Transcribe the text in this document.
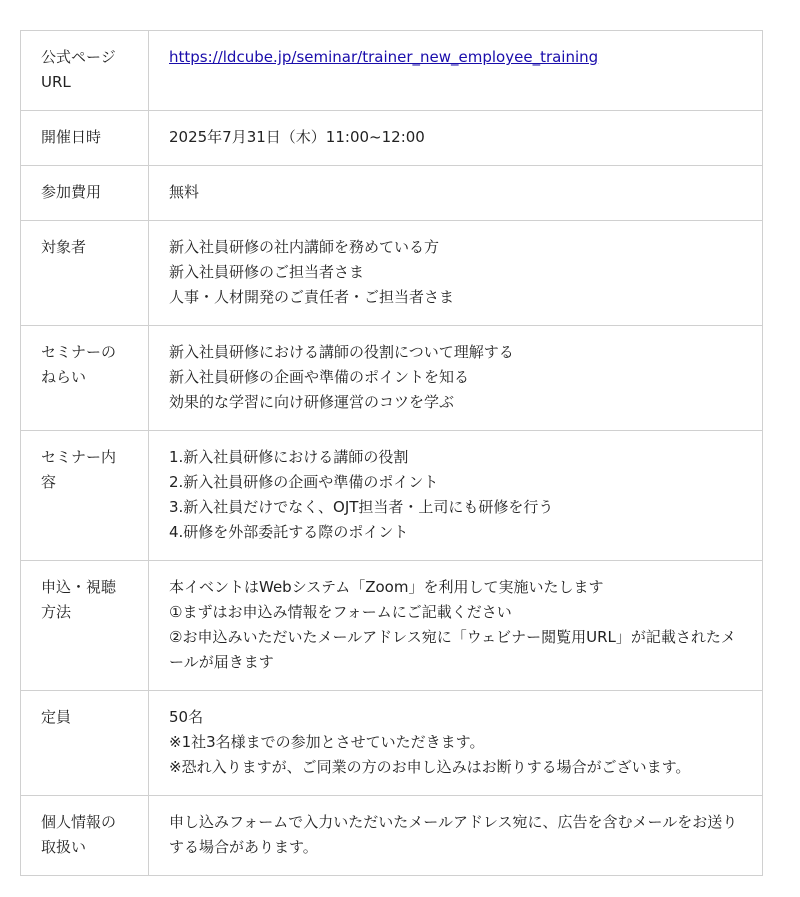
公式ページURL	https://ldcube.jp/seminar/trainer_new_employee_training

開催日時	2025年7月31日（木）11:00~12:00

参加費用	無料

対象者	新入社員研修の社内講師を務めている方
新入社員研修のご担当者さま
人事・人材開発のご責任者・ご担当者さま

セミナーのねらい	新入社員研修における講師の役割について理解する
新入社員研修の企画や準備のポイントを知る
効果的な学習に向け研修運営のコツを学ぶ

セミナー内容	1.新入社員研修における講師の役割
2.新入社員研修の企画や準備のポイント
3.新入社員だけでなく、OJT担当者・上司にも研修を行う
4.研修を外部委託する際のポイント

申込・視聴方法	本イベントはWebシステム「Zoom」を利用して実施いたします
①まずはお申込み情報をフォームにご記載ください
②お申込みいただいたメールアドレス宛に「ウェビナー閲覧用URL」が記載されたメールが届きます

定員	50名
※1社3名様までの参加とさせていただきます。
※恐れ入りますが、ご同業の方のお申し込みはお断りする場合がございます。

個人情報の取扱い	申し込みフォームで入力いただいたメールアドレス宛に、広告を含むメールをお送りする場合があります。
